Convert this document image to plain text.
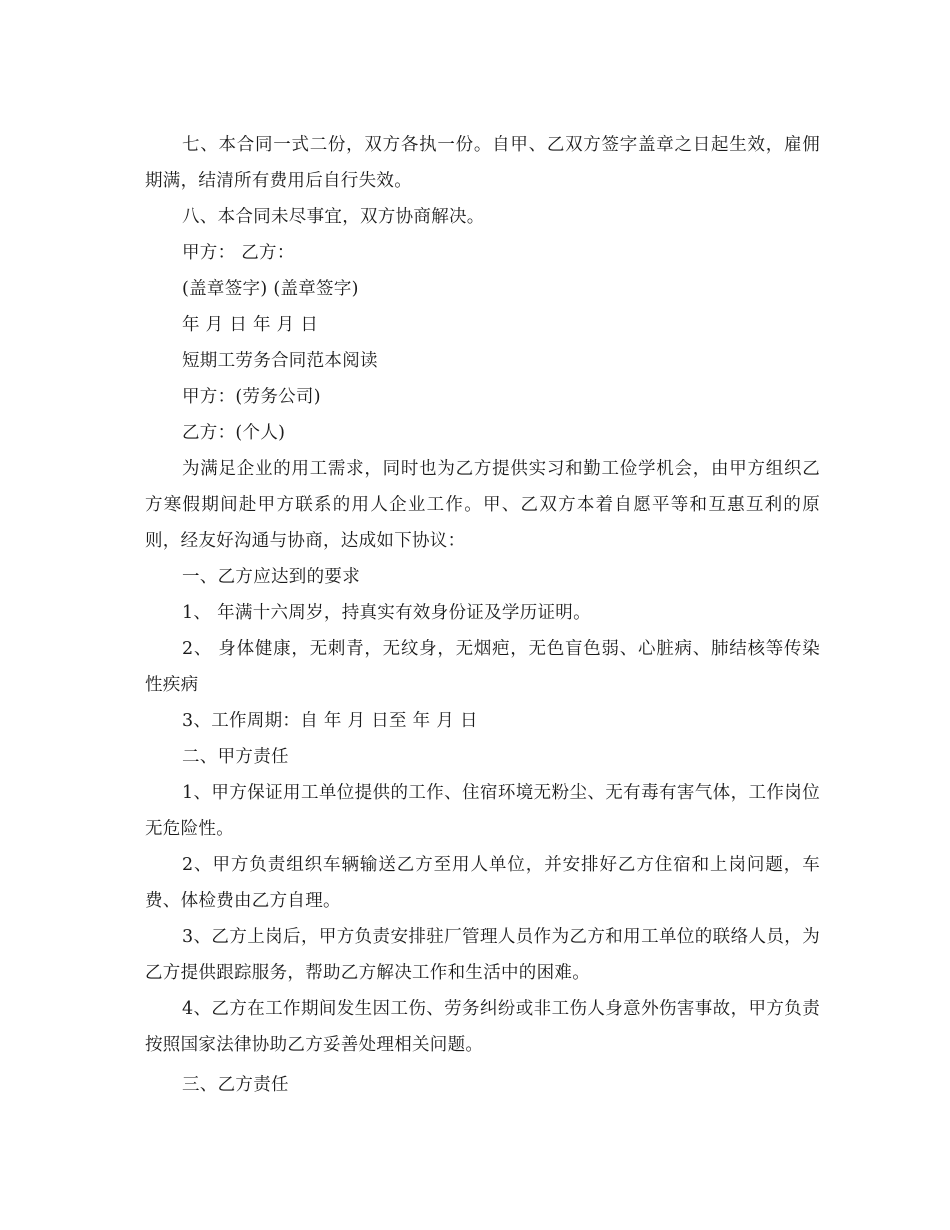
七、本合同一式二份，双方各执一份。自甲、乙双方签字盖章之日起生效，雇佣期满，结清所有费用后自行失效。

八、本合同未尽事宜，双方协商解决。

甲方： 乙方：

(盖章签字) (盖章签字)

年 月 日 年 月 日

短期工劳务合同范本阅读

甲方：(劳务公司)

乙方：(个人)

为满足企业的用工需求，同时也为乙方提供实习和勤工俭学机会，由甲方组织乙方寒假期间赴甲方联系的用人企业工作。甲、乙双方本着自愿平等和互惠互利的原则，经友好沟通与协商，达成如下协议：

一、乙方应达到的要求

1、 年满十六周岁，持真实有效身份证及学历证明。

2、 身体健康，无刺青，无纹身，无烟疤，无色盲色弱、心脏病、肺结核等传染性疾病

3、工作周期：自 年 月 日至 年 月 日

二、甲方责任

1、甲方保证用工单位提供的工作、住宿环境无粉尘、无有毒有害气体，工作岗位无危险性。

2、甲方负责组织车辆输送乙方至用人单位，并安排好乙方住宿和上岗问题，车费、体检费由乙方自理。

3、乙方上岗后，甲方负责安排驻厂管理人员作为乙方和用工单位的联络人员，为乙方提供跟踪服务，帮助乙方解决工作和生活中的困难。

4、乙方在工作期间发生因工伤、劳务纠纷或非工伤人身意外伤害事故，甲方负责按照国家法律协助乙方妥善处理相关问题。

三、乙方责任
